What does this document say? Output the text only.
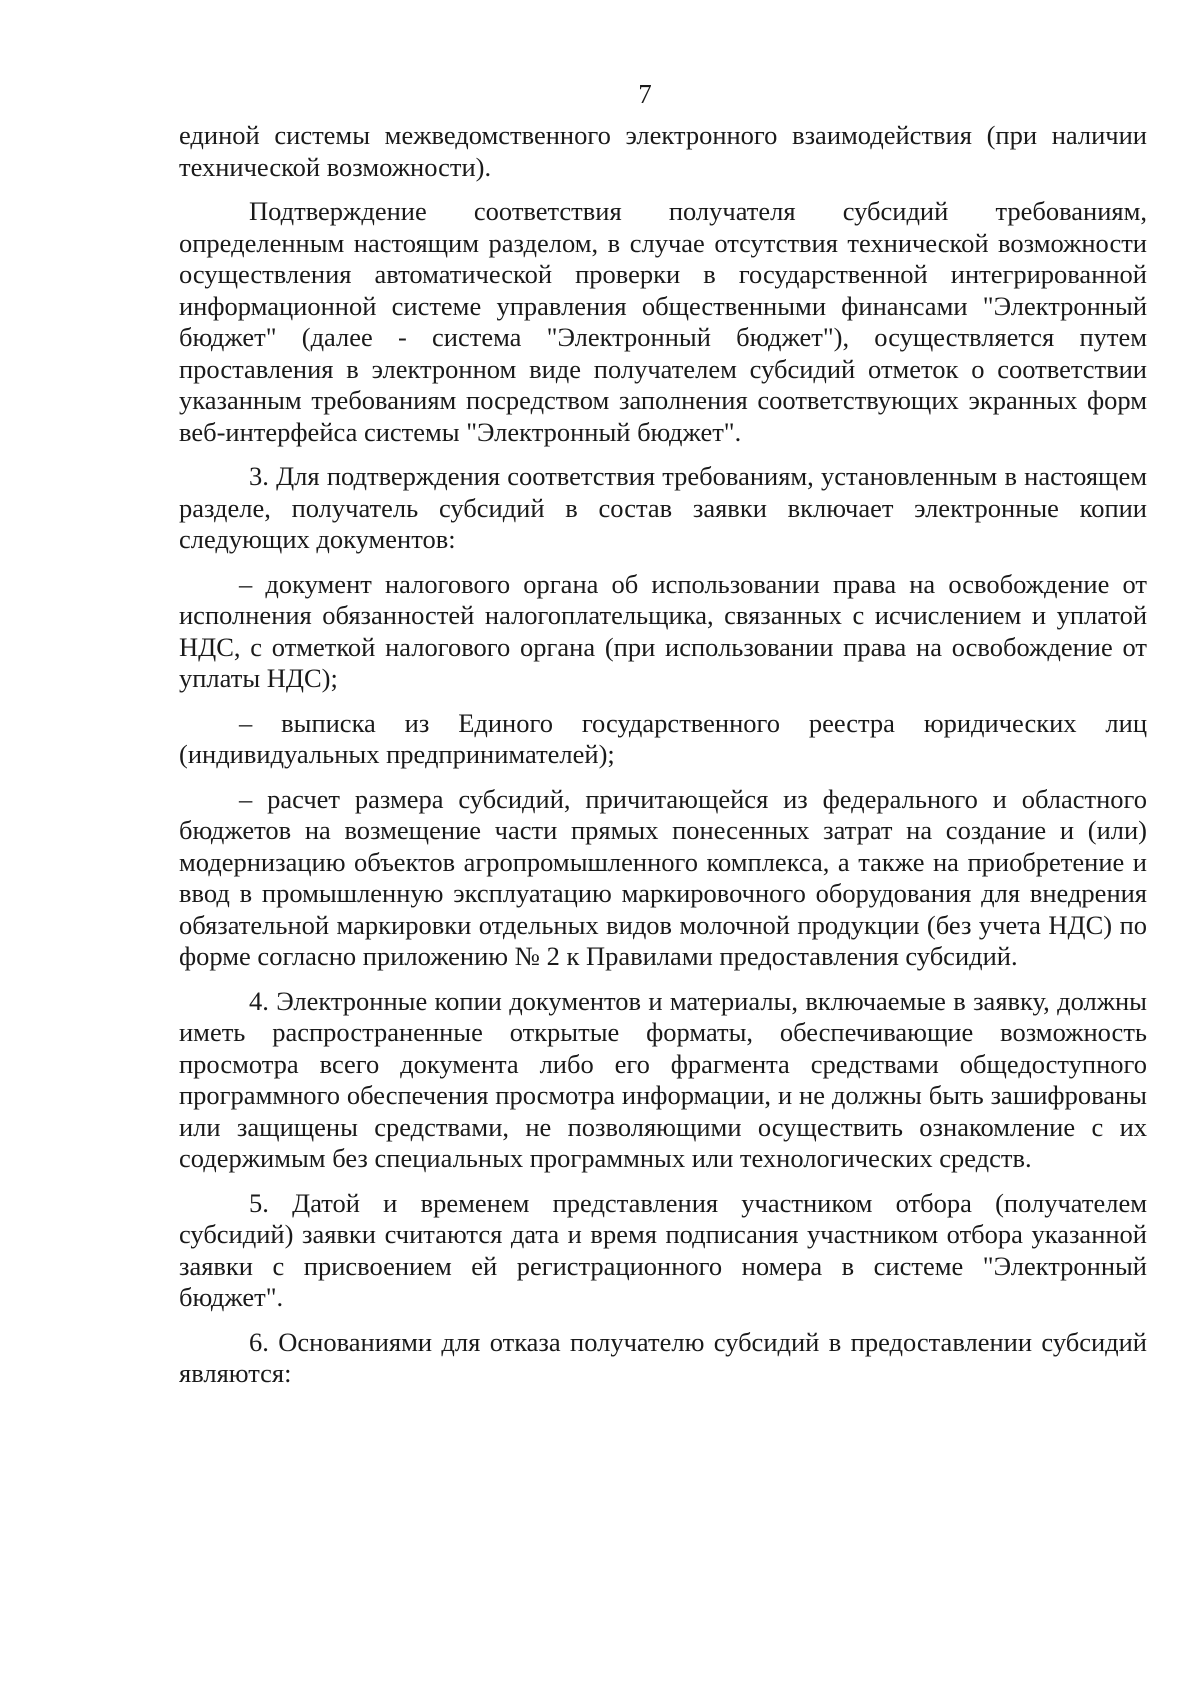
7

единой системы межведомственного электронного взаимодействия (при наличии технической возможности).

Подтверждение соответствия получателя субсидий требованиям, определенным настоящим разделом, в случае отсутствия технической возможности осуществления автоматической проверки в государственной интегрированной информационной системе управления общественными финансами "Электронный бюджет" (далее - система "Электронный бюджет"), осуществляется путем проставления в электронном виде получателем субсидий отметок о соответствии указанным требованиям посредством заполнения соответствующих экранных форм веб-интерфейса системы "Электронный бюджет".

3. Для подтверждения соответствия требованиям, установленным в настоящем разделе, получатель субсидий в состав заявки включает электронные копии следующих документов:

– документ налогового органа об использовании права на освобождение от исполнения обязанностей налогоплательщика, связанных с исчислением и уплатой НДС, с отметкой налогового органа (при использовании права на освобождение от уплаты НДС);

– выписка из Единого государственного реестра юридических лиц (индивидуальных предпринимателей);

– расчет размера субсидий, причитающейся из федерального и областного бюджетов на возмещение части прямых понесенных затрат на создание и (или) модернизацию объектов агропромышленного комплекса, а также на приобретение и ввод в промышленную эксплуатацию маркировочного оборудования для внедрения обязательной маркировки отдельных видов молочной продукции (без учета НДС) по форме согласно приложению № 2 к Правилами предоставления субсидий.

4. Электронные копии документов и материалы, включаемые в заявку, должны иметь распространенные открытые форматы, обеспечивающие возможность просмотра всего документа либо его фрагмента средствами общедоступного программного обеспечения просмотра информации, и не должны быть зашифрованы или защищены средствами, не позволяющими осуществить ознакомление с их содержимым без специальных программных или технологических средств.

5. Датой и временем представления участником отбора (получателем субсидий) заявки считаются дата и время подписания участником отбора указанной заявки с присвоением ей регистрационного номера в системе "Электронный бюджет".

6. Основаниями для отказа получателю субсидий в предоставлении субсидий являются:
